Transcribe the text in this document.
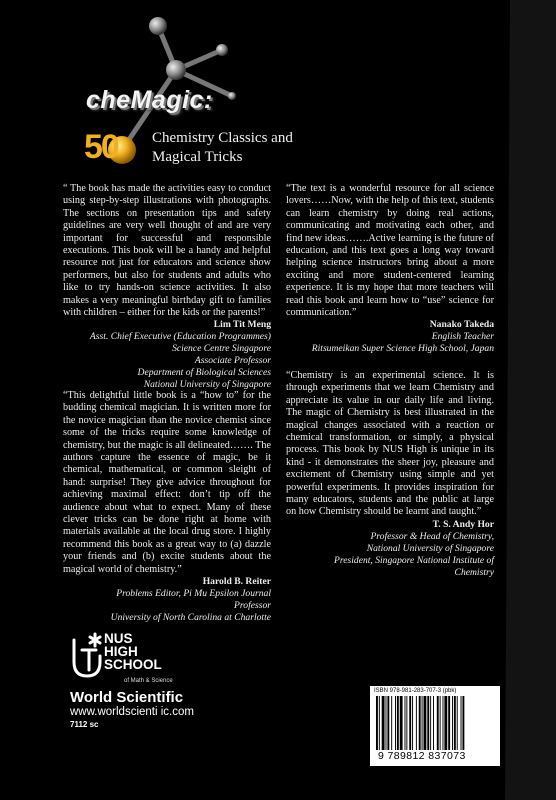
cheMagic:
50 Chemistry Classics and
Magical Tricks

“ The book has made the activities easy to conduct using step-by-step illustrations with photographs. The sections on presentation tips and safety guidelines are very well thought of and are very important for successful and responsible executions. This book will be a handy and helpful resource not just for educators and science show performers, but also for students and adults who like to try hands-on science activities. It also makes a very meaningful birthday gift to families with children – either for the kids or the parents!”

Lim Tit Meng
Asst. Chief Executive (Education Programmes)
Science Centre Singapore
Associate Professor
Department of Biological Sciences
National University of Singapore

“The text is a wonderful resource for all science lovers……Now, with the help of this text, students can learn chemistry by doing real actions, communicating and motivating each other, and find new ideas…….Active learning is the future of education, and this text goes a long way toward helping science instructors bring about a more exciting and more student-centered learning experience. It is my hope that more teachers will read this book and learn how to “use” science for communication.”

Nanako Takeda
English Teacher
Ritsumeikan Super Science High School, Japan

“This delightful little book is a “how to” for the budding chemical magician. It is written more for the novice magician than the novice chemist since some of the tricks require some knowledge of chemistry, but the magic is all delineated……. The authors capture the essence of magic, be it chemical, mathematical, or common sleight of hand: surprise! They give advice throughout for achieving maximal effect: don’t tip off the audience about what to expect. Many of these clever tricks can be done right at home with materials available at the local drug store. I highly recommend this book as a great way to (a) dazzle your friends and (b) excite students about the magical world of chemistry.”

Harold B. Reiter
Problems Editor, Pi Mu Epsilon Journal
Professor
University of North Carolina at Charlotte

“Chemistry is an experimental science. It is through experiments that we learn Chemistry and appreciate its value in our daily life and living. The magic of Chemistry is best illustrated in the magical changes associated with a reaction or chemical transformation, or simply, a physical process. This book by NUS High is unique in its kind - it demonstrates the sheer joy, pleasure and excitement of Chemistry using simple and yet powerful experiments. It provides inspiration for many educators, students and the public at large on how Chemistry should be learnt and taught.”

T. S. Andy Hor
Professor & Head of Chemistry,
National University of Singapore
President, Singapore National Institute of
Chemistry
NUS
HIGH
SCHOOL
of Math & Science
World Scientific
www.worldscienti ic.com
7112 sc
ISBN 978-981-283-707-3 (pbk)
9 789812 837073
